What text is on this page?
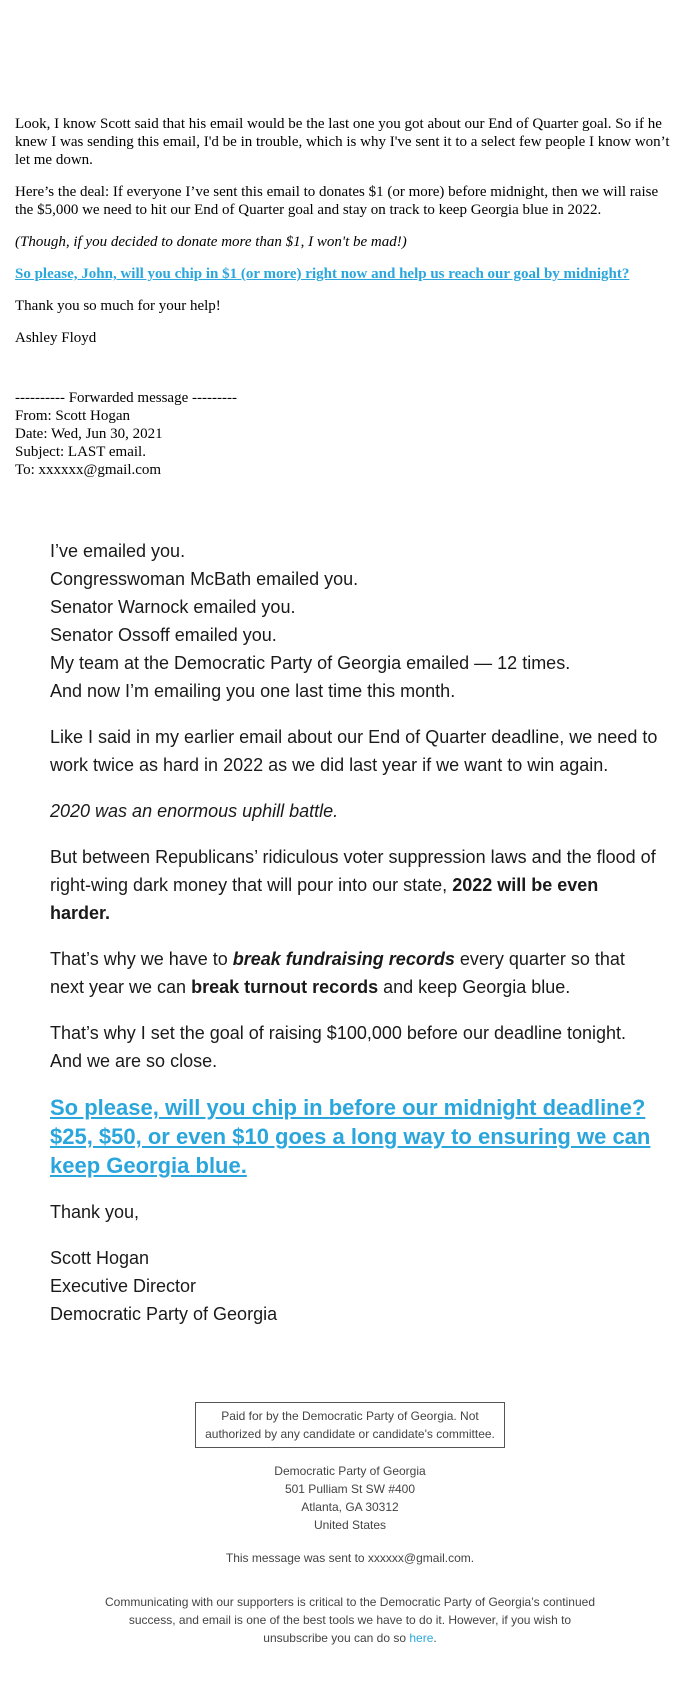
Look, I know Scott said that his email would be the last one you got about our End of Quarter goal. So if he knew I was sending this email, I'd be in trouble, which is why I've sent it to a select few people I know won’t let me down.

Here’s the deal: If everyone I’ve sent this email to donates $1 (or more) before midnight, then we will raise the $5,000 we need to hit our End of Quarter goal and stay on track to keep Georgia blue in 2022.

(Though, if you decided to donate more than $1, I won't be mad!)

So please, John, will you chip in $1 (or more) right now and help us reach our goal by midnight?

Thank you so much for your help!

Ashley Floyd

---------- Forwarded message ---------
From: Scott Hogan
Date: Wed, Jun 30, 2021
Subject: LAST email.
To: xxxxxx@gmail.com

I’ve emailed you.
Congresswoman McBath emailed you.
Senator Warnock emailed you.
Senator Ossoff emailed you.
My team at the Democratic Party of Georgia emailed — 12 times.
And now I’m emailing you one last time this month.

Like I said in my earlier email about our End of Quarter deadline, we need to work twice as hard in 2022 as we did last year if we want to win again.

2020 was an enormous uphill battle.

But between Republicans’ ridiculous voter suppression laws and the flood of right-wing dark money that will pour into our state, 2022 will be even harder.

That’s why we have to break fundraising records every quarter so that next year we can break turnout records and keep Georgia blue.

That’s why I set the goal of raising $100,000 before our deadline tonight.
And we are so close.

So please, will you chip in before our midnight deadline? $25, $50, or even $10 goes a long way to ensuring we can keep Georgia blue.

Thank you,

Scott Hogan
Executive Director
Democratic Party of Georgia

Paid for by the Democratic Party of Georgia. Not authorized by any candidate or candidate's committee.
Democratic Party of Georgia
501 Pulliam St SW #400
Atlanta, GA 30312
United States
This message was sent to xxxxxx@gmail.com.
Communicating with our supporters is critical to the Democratic Party of Georgia’s continued success, and email is one of the best tools we have to do it. However, if you wish to unsubscribe you can do so here.
